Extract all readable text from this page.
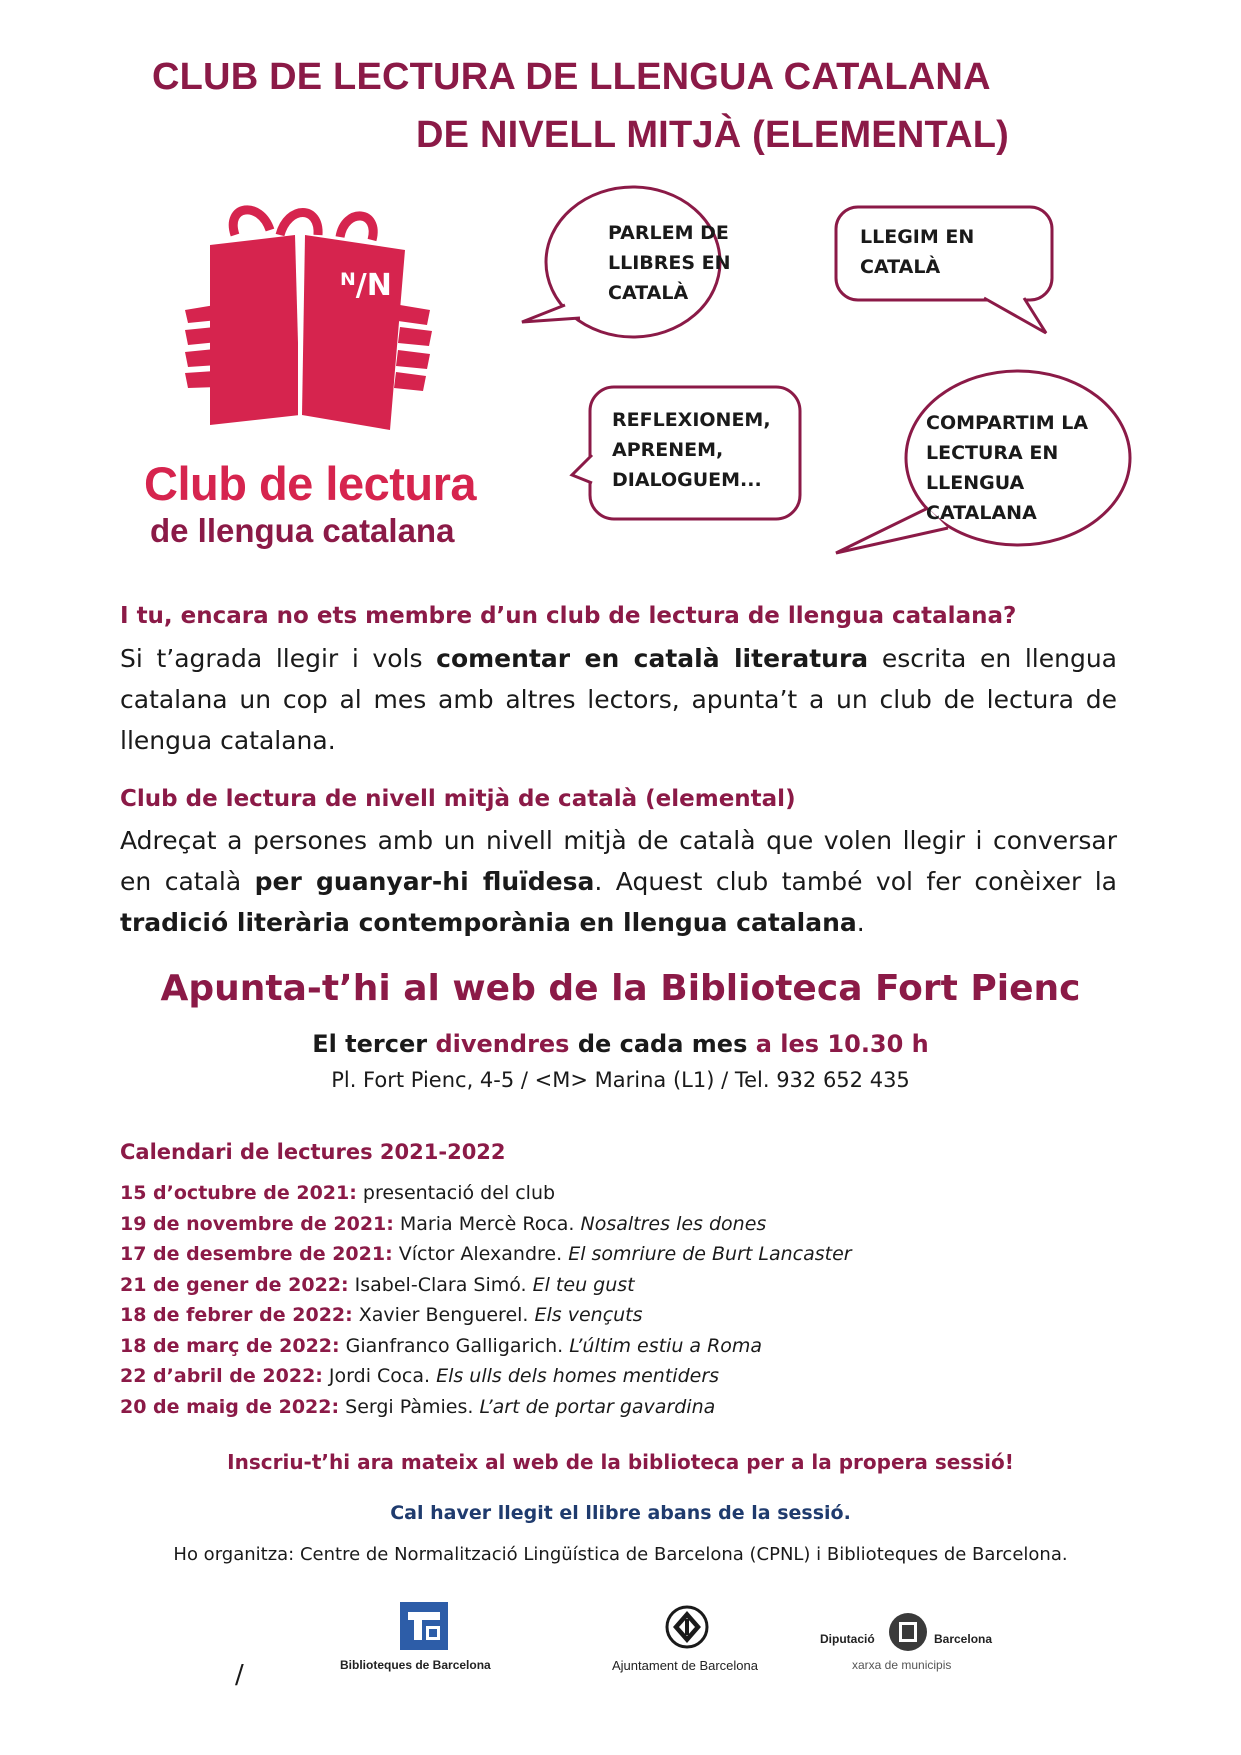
CLUB DE LECTURA DE LLENGUA CATALANA
DE NIVELL MITJÀ (ELEMENTAL)
ᴺ/N
Club de lectura
de llengua catalana
PARLEM DE
LLIBRES EN
CATALÀ
LLEGIM EN
CATALÀ
REFLEXIONEM,
APRENEM,
DIALOGUEM...
COMPARTIM LA
LECTURA EN
LLENGUA
CATALANA
I tu, encara no ets membre d’un club de lectura de llengua catalana?
Si t’agrada llegir i vols comentar en català literatura escrita en llengua catalana un cop al mes amb altres lectors, apunta’t a un club de lectura de llengua catalana.
Club de lectura de nivell mitjà de català (elemental)
Adreçat a persones amb un nivell mitjà de català que volen llegir i conversar en català per guanyar-hi fluïdesa. Aquest club també vol fer conèixer la tradició literària contemporània en llengua catalana.
Apunta-t’hi al web de la Biblioteca Fort Pienc
El tercer divendres de cada mes a les 10.30 h
Pl. Fort Pienc, 4-5 / <M> Marina (L1) / Tel. 932 652 435
Calendari de lectures 2021-2022
15 d’octubre de 2021: presentació del club
19 de novembre de 2021: Maria Mercè Roca. Nosaltres les dones
17 de desembre de 2021: Víctor Alexandre. El somriure de Burt Lancaster
21 de gener de 2022: Isabel-Clara Simó. El teu gust
18 de febrer de 2022: Xavier Benguerel. Els vençuts
18 de març de 2022: Gianfranco Galligarich. L’últim estiu a Roma
22 d’abril de 2022: Jordi Coca. Els ulls dels homes mentiders
20 de maig de 2022: Sergi Pàmies. L’art de portar gavardina
Inscriu-t’hi ara mateix al web de la biblioteca per a la propera sessió!
Cal haver llegit el llibre abans de la sessió.
Ho organitza: Centre de Normalització Lingüística de Barcelona (CPNL) i Biblioteques de Barcelona.
/	Biblioteques de Barcelona	Ajuntament de Barcelona
Diputació	Barcelona
xarxa de municipis
